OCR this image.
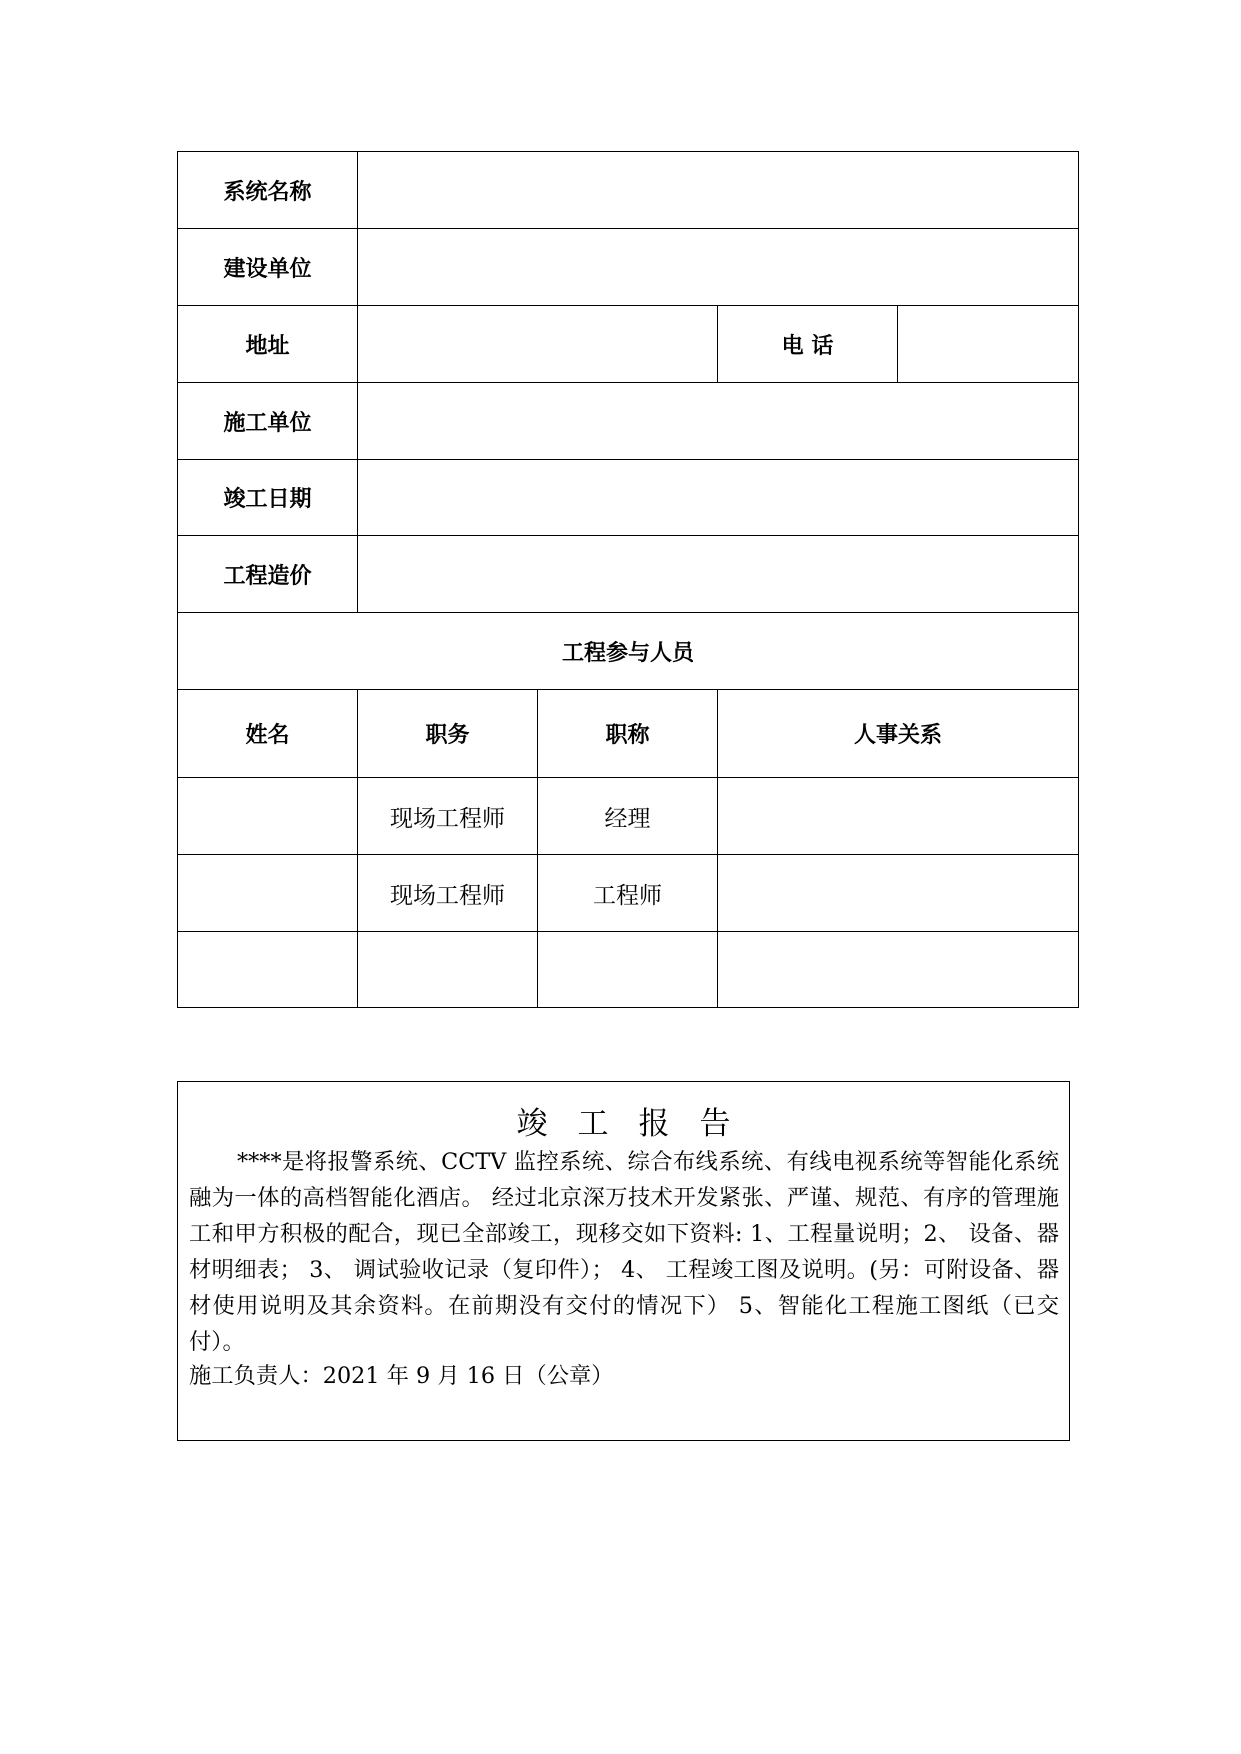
系统名称				
建设单位				
地址			电 话	
施工单位				
竣工日期				
工程造价				
工程参与人员				
姓名	职务	职称	人事关系	
	现场工程师	经理		
	现场工程师	工程师		

竣工报告

****是将报警系统、CCTV 监控系统、综合布线系统、有线电视系统等智能化系统融为一体的高档智能化酒店。 经过北京深万技术开发紧张、严谨、规范、有序的管理施工和甲方积极的配合，现已全部竣工，现移交如下资料: 1、工程量说明；2、 设备、器材明细表； 3、 调试验收记录（复印件）； 4、 工程竣工图及说明。(另：可附设备、器材使用说明及其余资料。在前期没有交付的情况下） 5、智能化工程施工图纸（已交付）。

施工负责人：2021 年 9 月 16 日（公章）
